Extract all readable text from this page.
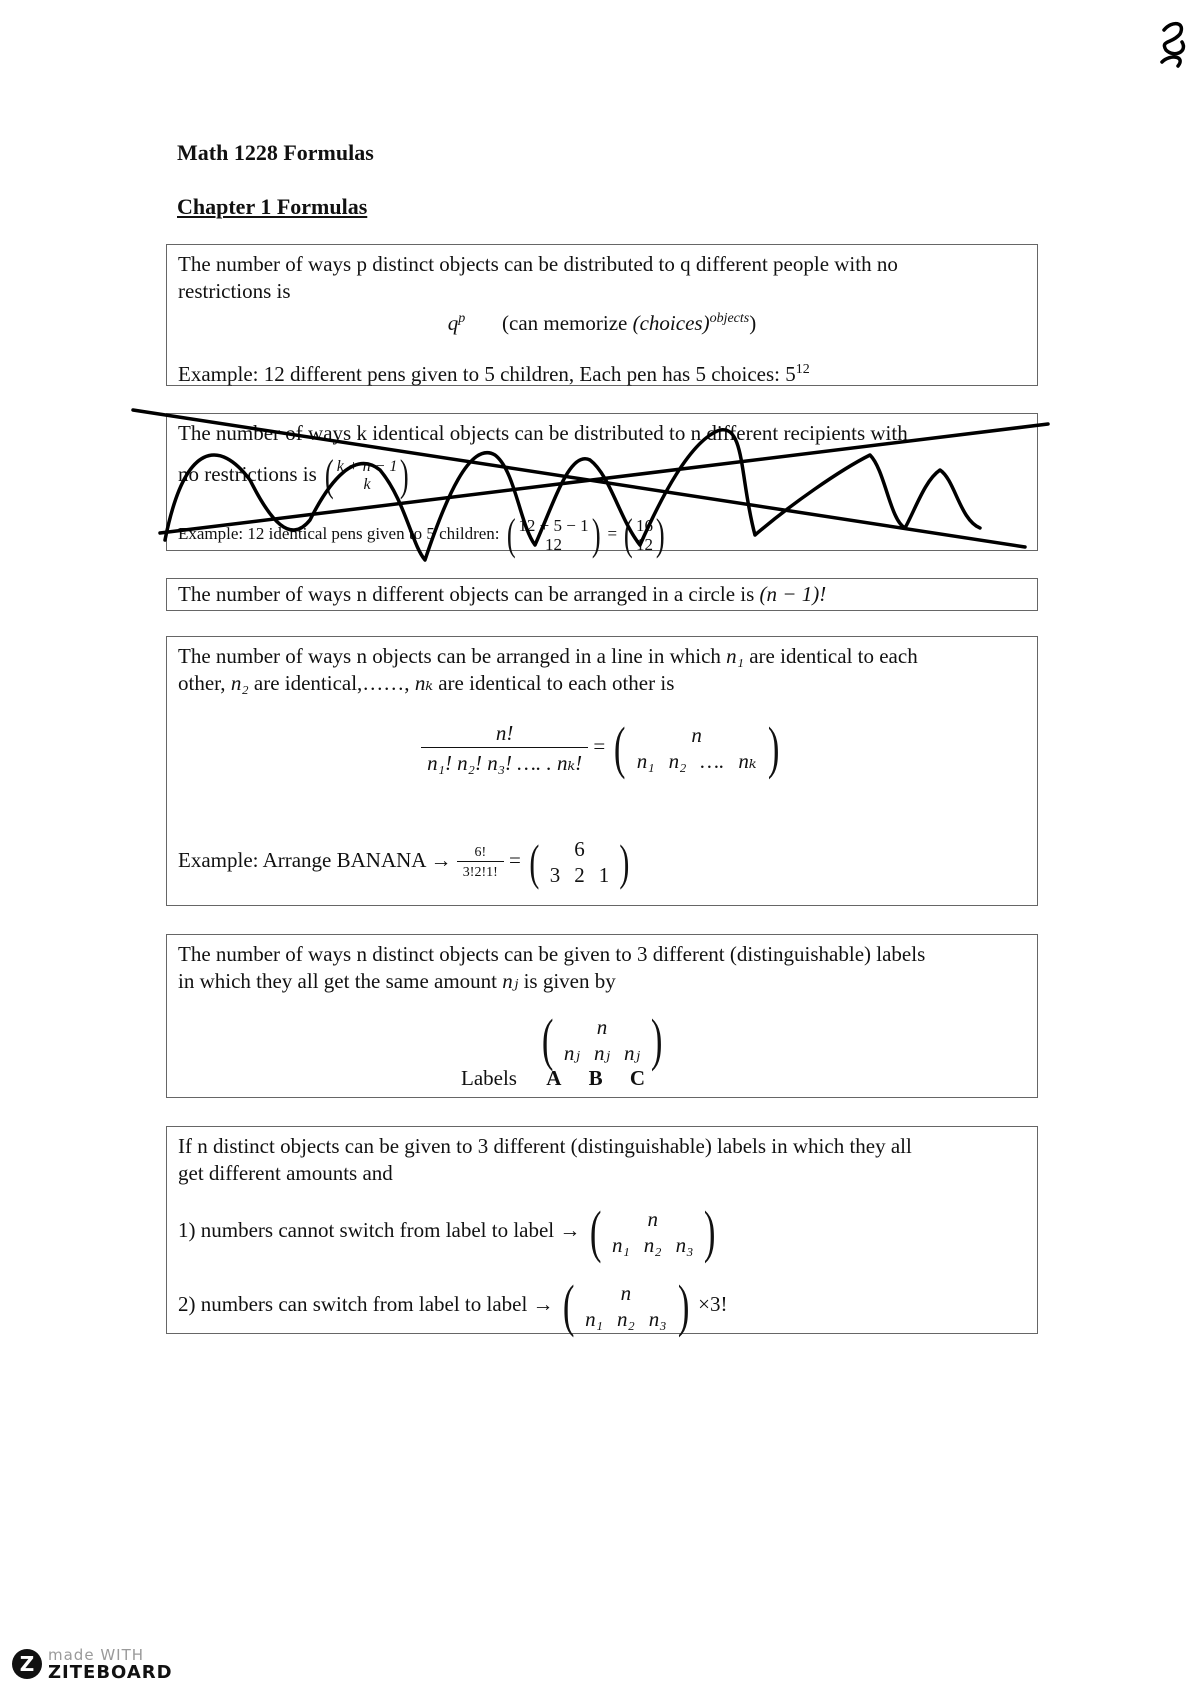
Math 1228 Formulas
Chapter 1 Formulas

The number of ways p distinct objects can be distributed to q different people with no

restrictions is

$q^p$ (can memorize (choices)$^{objects}$)

Example: 12 different pens given to 5 children, Each pen has 5 choices: $5^{12}$

The number of ways k identical objects can be distributed to n different recipients with

no restrictions is ( k + n − 1
k )

Example: 12 identical pens given to 5 children: ( 12 + 5 − 1
12 ) = ( 16
12 )

The number of ways n different objects can be arranged in a circle is (n − 1)!

The number of ways n objects can be arranged in a line in which n₁ are identical to each

other, n₂ are identical,……, nₖ are identical to each other is

$\frac{n!}{\text{n₁! n₂! n₃! …. . nₖ!}}$ = (	n
n₁ n₂ …. nₖ )

Example: Arrange BANANA → $\frac{6!}{3!2!1!}$ = ( 6
3 2 1 )

The number of ways n distinct objects can be given to 3 different (distinguishable) labels

in which they all get the same amount nⱼ is given by

( n
nⱼ nⱼ nⱼ )
Labels A B C

If n distinct objects can be given to 3 different (distinguishable) labels in which they all

get different amounts and

1) numbers cannot switch from label to label → ( n
n₁ n₂ n₃ )

2) numbers can switch from label to label → ( n
n₁ n₂ n₃ ) ×3!

Z made WITH
ZITEBOARD
